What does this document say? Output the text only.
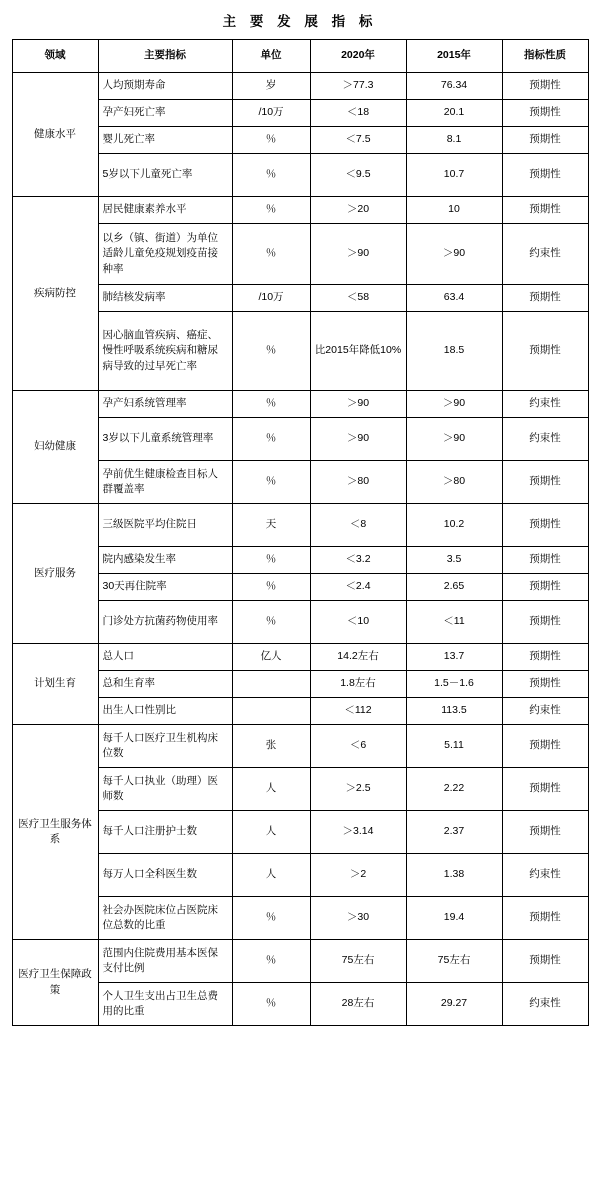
主 要 发 展 指 标
领域	主要指标	单位	2020年	2015年	指标性质
健康水平	人均预期寿命	岁	＞77.3	76.34	预期性
	孕产妇死亡率	/10万	＜18	20.1	预期性
	婴儿死亡率	％	＜7.5	8.1	预期性
	5岁以下儿童死亡率	％	＜9.5	10.7	预期性
疾病防控	居民健康素养水平	％	＞20	10	预期性
	以乡（镇、街道）为单位适龄儿童免疫规划疫苗接种率	％	＞90	＞90	约束性
	肺结核发病率	/10万	＜58	63.4	预期性
	因心脑血管疾病、癌症、慢性呼吸系统疾病和糖尿病导致的过早死亡率	％	比2015年降低10%	18.5	预期性
妇幼健康	孕产妇系统管理率	％	＞90	＞90	约束性
	3岁以下儿童系统管理率	％	＞90	＞90	约束性
	孕前优生健康检查目标人群覆盖率	％	＞80	＞80	预期性
医疗服务	三级医院平均住院日	天	＜8	10.2	预期性
	院内感染发生率	％	＜3.2	3.5	预期性
	30天再住院率	％	＜2.4	2.65	预期性
	门诊处方抗菌药物使用率	％	＜10	＜11	预期性
计划生育	总人口	亿人	14.2左右	13.7	预期性
	总和生育率		1.8左右	1.5－1.6	预期性
	出生人口性别比		＜112	113.5	约束性
医疗卫生服务体系	每千人口医疗卫生机构床位数	张	＜6	5.11	预期性
	每千人口执业（助理）医师数	人	＞2.5	2.22	预期性
	每千人口注册护士数	人	＞3.14	2.37	预期性
	每万人口全科医生数	人	＞2	1.38	约束性
	社会办医院床位占医院床位总数的比重	％	＞30	19.4	预期性
医疗卫生保障政策	范围内住院费用基本医保支付比例	％	75左右	75左右	预期性
	个人卫生支出占卫生总费用的比重	％	28左右	29.27	约束性
